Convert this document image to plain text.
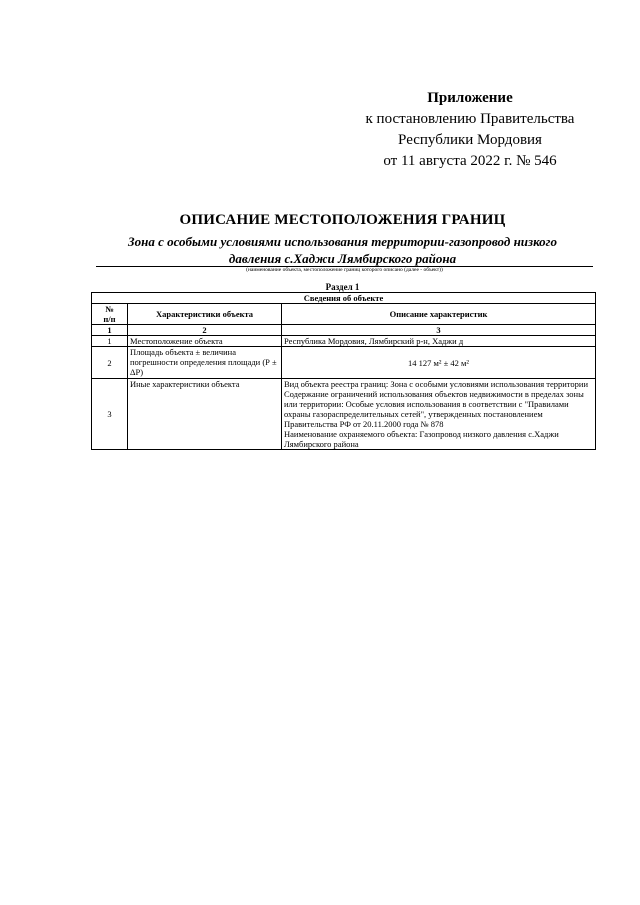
Приложение
к постановлению Правительства
Республики Мордовия
от 11 августа 2022 г. № 546
ОПИСАНИЕ МЕСТОПОЛОЖЕНИЯ ГРАНИЦ
Зона с особыми условиями использования территории-газопровод низкого
давления с.Хаджи Лямбирского района
(наименование объекта, местоположение границ которого описано (далее - объект))
Раздел 1
Сведения об объекте		
№
п/п	Характеристики объекта	Описание характеристик
1	2	3
1	Местоположение объекта	Республика Мордовия, Лямбирский р-н, Хаджи д
2	Площадь объекта ± величина погрешности определения площади (Р ± ΔР)	14 127 м² ± 42 м²
3	Иные характеристики объекта	Вид объекта реестра границ: Зона с особыми условиями использования территории
Содержание ограничений использования объектов недвижимости в пределах зоны или территории: Особые условия использования в соответствии с "Правилами охраны газораспределительных сетей", утвержденных постановлением Правительства РФ от 20.11.2000 года № 878
Наименование охраняемого объекта: Газопровод низкого давления с.Хаджи Лямбирского района
